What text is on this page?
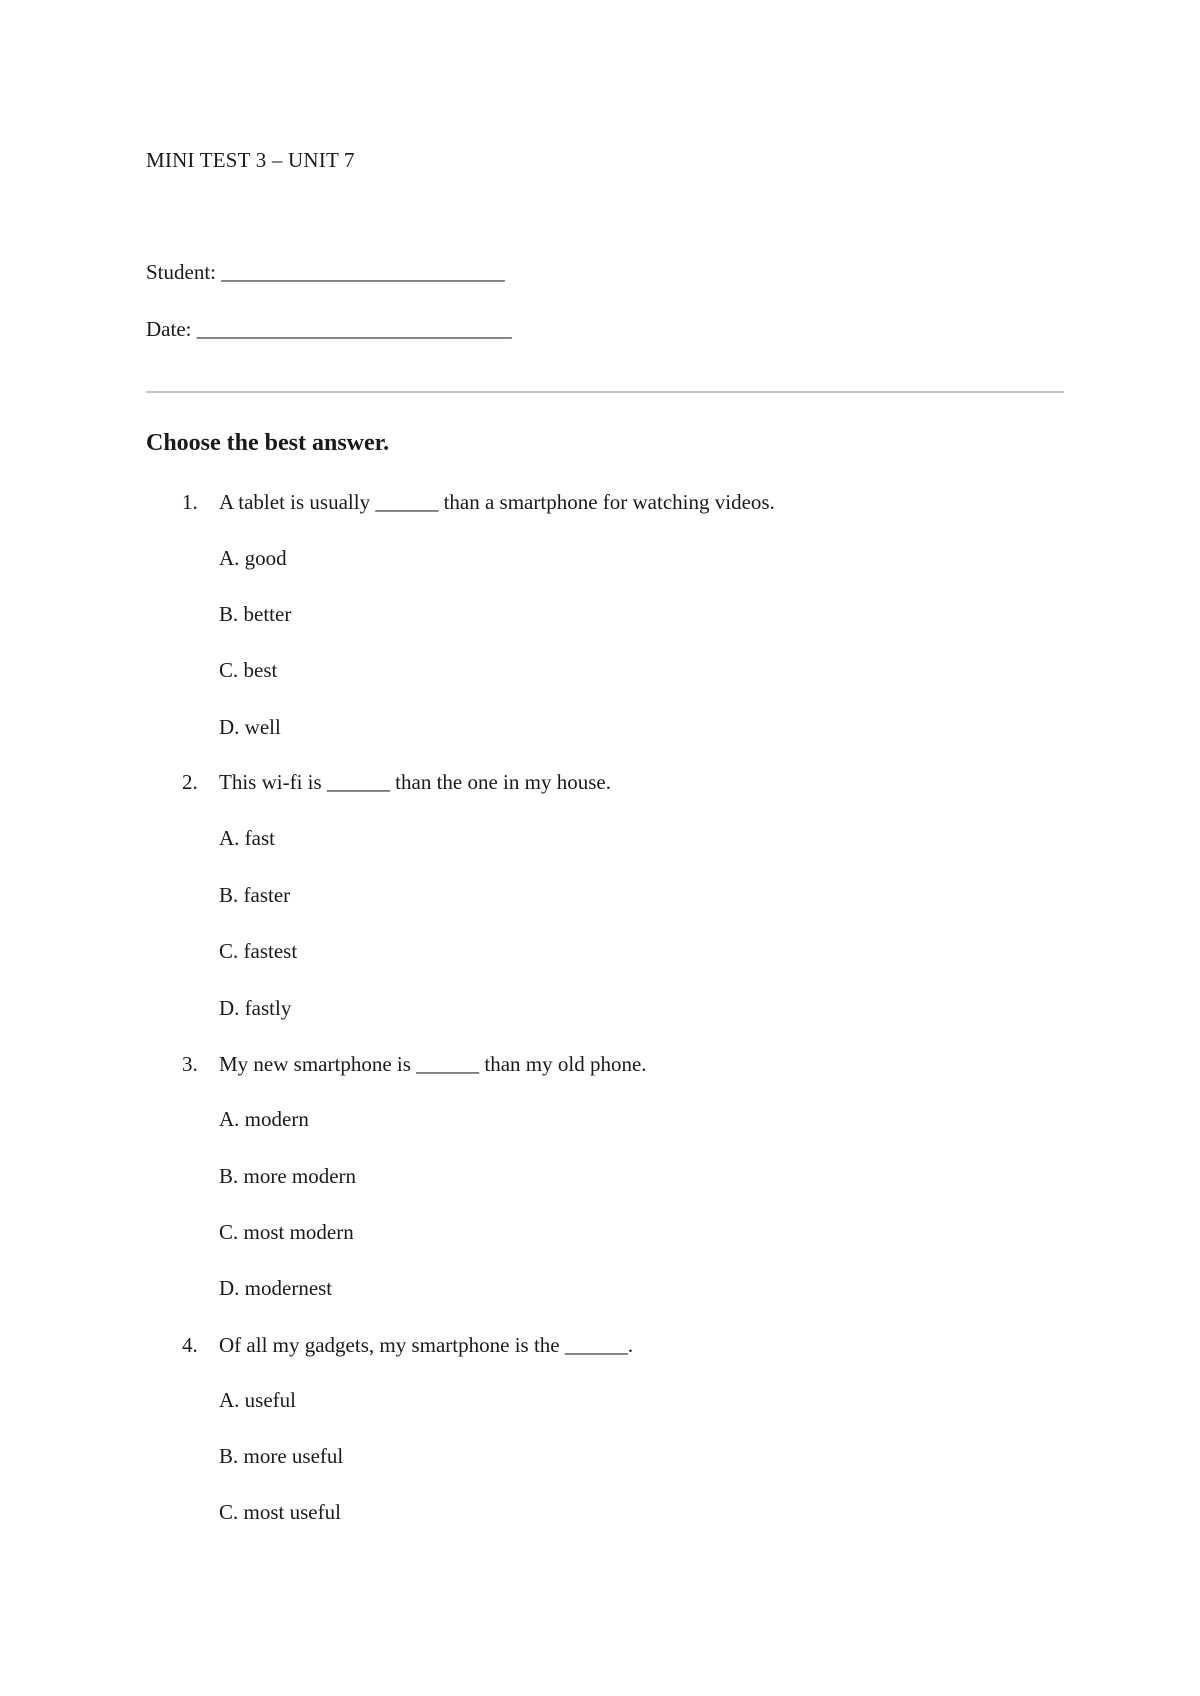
MINI TEST 3 – UNIT 7
Student: ___________________________
Date: ______________________________
Choose the best answer.
1. A tablet is usually ______ than a smartphone for watching videos.
A. good
B. better
C. best
D. well
2. This wi-fi is ______ than the one in my house.
A. fast
B. faster
C. fastest
D. fastly
3. My new smartphone is ______ than my old phone.
A. modern
B. more modern
C. most modern
D. modernest
4. Of all my gadgets, my smartphone is the ______.
A. useful
B. more useful
C. most useful
